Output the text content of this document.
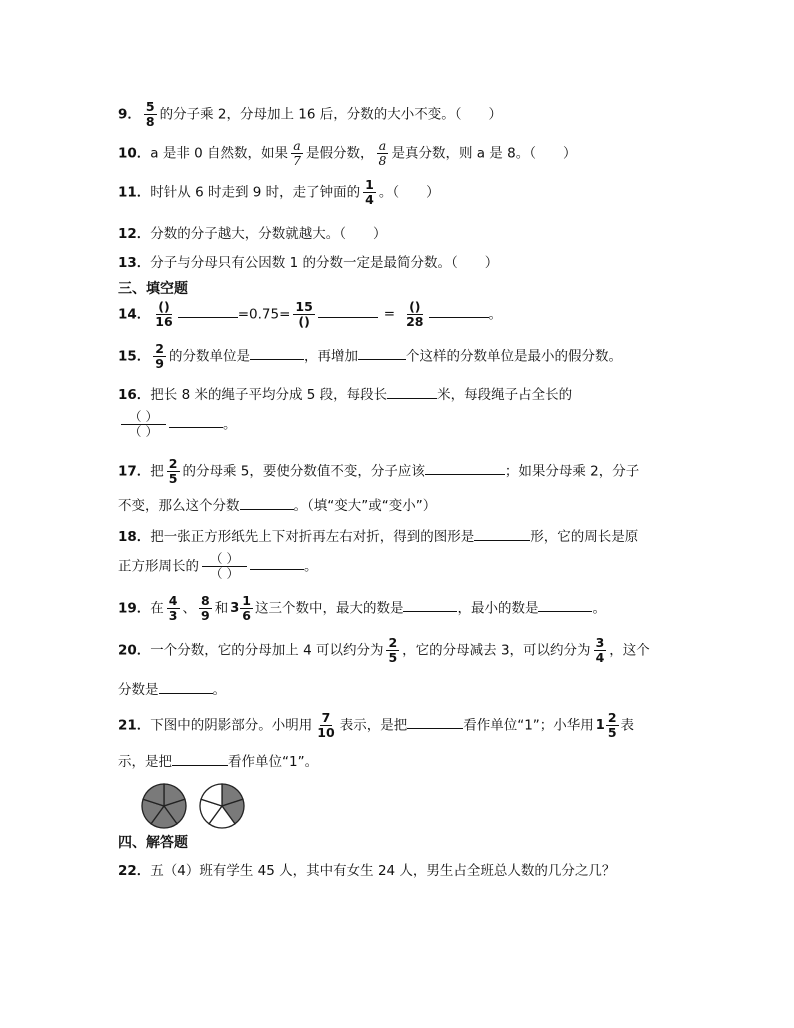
9． $\frac{5}{8}$ 的分子乘 2，分母加上 16 后，分数的大小不变。（　　）
10．a 是非 0 自然数，如果 $\frac{a}{7}$ 是假分数， $\frac{a}{8}$ 是真分数，则 a 是 8。（　　）
11．时针从 6 时走到 9 时，走了钟面的 $\frac{1}{4}$ 。（　　）
12．分数的分子越大，分数就越大。（　　）
13．分子与分母只有公因数 1 的分数一定是最简分数。（　　）
三、填空题
14． $\frac{()}{16}$	$=0.75= \frac{15}{()}$	= $\frac{()}{28}$	。
15． $\frac{2}{9}$ 的分数单位是	，再增加	个这样的分数单位是最小的假分数。
16．把长 8 米的绳子平均分成 5 段，每段长	米，每段绳子占全长的
$\frac{( )}{( )}$	。
17．把 $\frac{2}{5}$ 的分母乘 5，要使分数值不变，分子应该	；如果分母乘 2，分子
不变，那么这个分数	。（填“变大”或“变小”）
18．把一张正方形纸先上下对折再左右对折，得到的图形是	形，它的周长是原
正方形周长的 $\frac{( )}{( )}$	。
19．在 $\frac{4}{3}$ 、 $\frac{8}{9}$ 和 $3 \frac{1}{6}$ 这三个数中，最大的数是	，最小的数是	。
20．一个分数，它的分母加上 4 可以约分为 $\frac{2}{5}$ ，它的分母减去 3，可以约分为 $\frac{3}{4}$ ，这个
分数是	。
21．下图中的阴影部分。小明用 $\frac{7}{10}$ 表示，是把	看作单位“1”；小华用 $1 \frac{2}{5}$ 表
示，是把	看作单位“1”。
四、解答题
22．五（4）班有学生 45 人，其中有女生 24 人，男生占全班总人数的几分之几？
